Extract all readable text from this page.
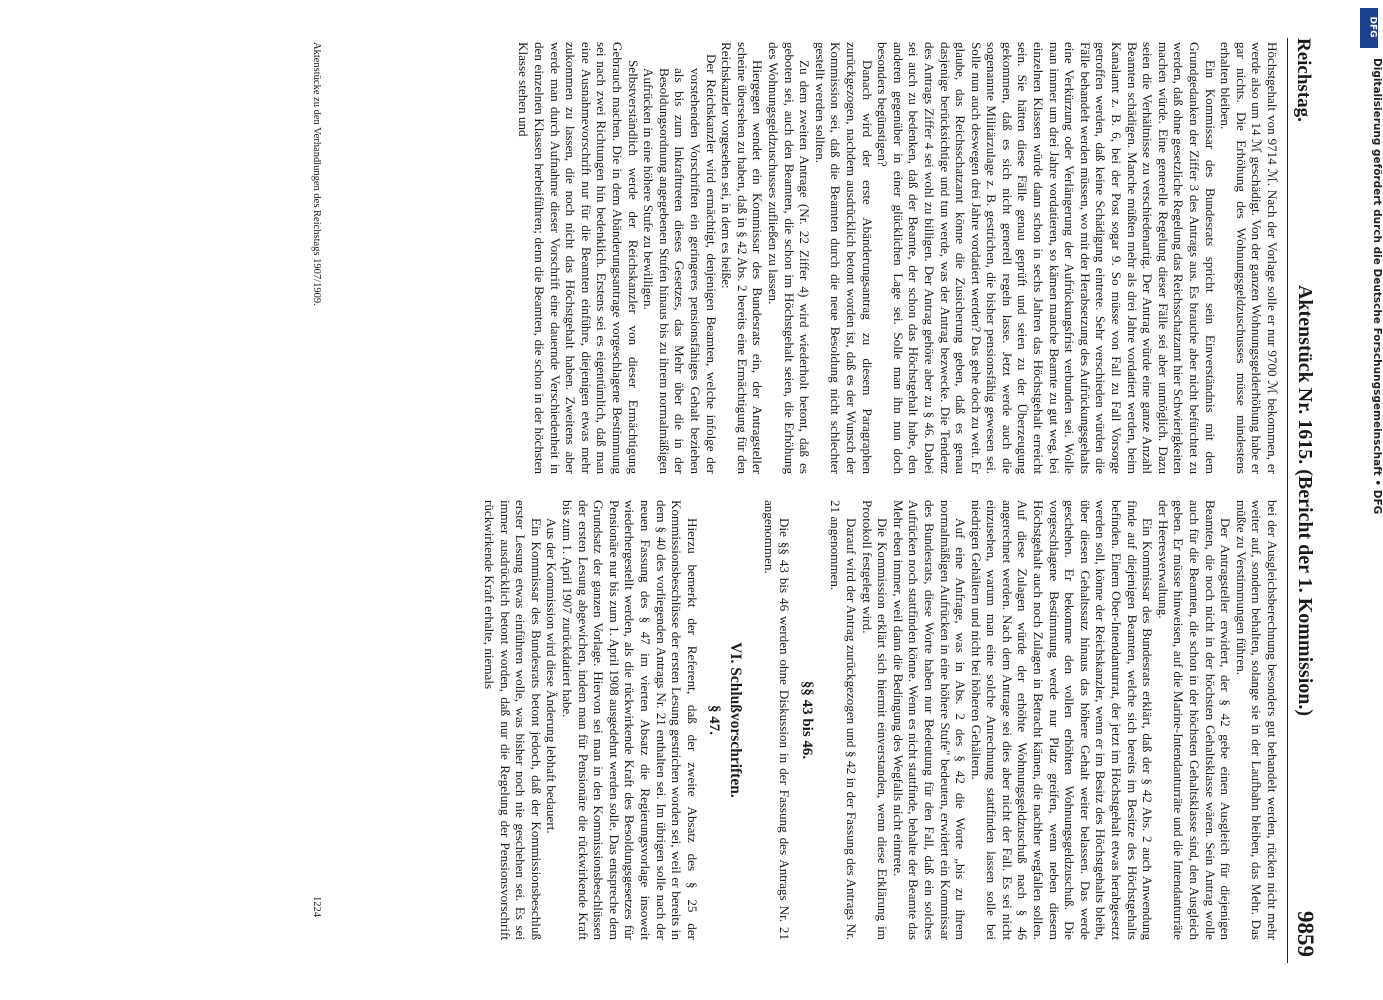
Reichstag.
Aktenstück Nr. 1615. (Bericht der 1. Kommission.)
9859

Höchstgehalt von 9714 ℳ. Nach der Vorlage solle er nur 9700 ℳ bekommen, er werde also um 14 ℳ geschädigt. Von der ganzen Wohnungsgelderhöhung habe er gar nichts. Die Erhöhung des Wohnungsgeldzuschusses müsse mindestens erhalten bleiben.

Ein Kommissar des Bundesrats spricht sein Einverständnis mit dem Grundgedanken der Ziffer 3 des Antrags aus. Es brauche aber nicht befürchtet zu werden, daß ohne gesetzliche Regelung das Reichsschatzamt hier Schwierigkeiten machen würde. Eine generelle Regelung dieser Fälle sei aber unmöglich. Dazu seien die Verhältnisse zu verschiedenartig. Der Antrag würde eine ganze Anzahl Beamten schädigen. Manche müßten mehr als drei Jahre vordatiert werden, beim Kanalamt z. B. 6, bei der Post sogar 9. So müsse von Fall zu Fall Vorsorge getroffen werden, daß keine Schädigung eintrete. Sehr verschieden würden die Fälle behandelt werden müssen, wo mit der Herabsetzung des Aufrückungsgehalts eine Verkürzung oder Verlängerung der Aufrückungsfrist verbunden sei. Wolle man immer um drei Jahre vordatieren, so kämen manche Beamte zu gut weg, bei einzelnen Klassen würde dann schon in sechs Jahren das Höchstgehalt erreicht sein. Sie hätten diese Fälle genau geprüft und seien zu der Überzeugung gekommen, daß es sich nicht generell regeln lasse. Jetzt werde auch die sogenannte Militärzulage z. B. gestrichen, die bisher pensionsfähig gewesen sei. Solle nun auch deswegen drei Jahre vordatiert werden? Das gehe doch zu weit. Er glaube, das Reichsschatzamt könne die Zusicherung geben, daß es genau dasjenige berücksichtige und tun werde, was der Antrag bezwecke. Die Tendenz des Antrags Ziffer 4 sei wohl zu billigen. Der Antrag gehöre aber zu § 46. Dabei sei auch zu bedenken, daß der Beamte, der schon das Höchstgehalt habe, den anderen gegenüber in einer glücklichen Lage sei. Solle man ihn nun doch besonders begünstigen?

Danach wird der erste Abänderungsantrag zu diesem Paragraphen zurückgezogen, nachdem ausdrücklich betont worden ist, daß es der Wunsch der Kommission sei, daß die Beamten durch die neue Besoldung nicht schlechter gestellt werden sollten.

Zu dem zweiten Antrage (Nr. 22 Ziffer 4) wird wiederholt betont, daß es geboten sei, auch den Beamten, die schon im Höchstgehalt seien, die Erhöhung des Wohnungsgeldzuschusses zufließen zu lassen.

Hiergegen wendet ein Kommissar des Bundesrats ein, der Antragsteller scheine übersehen zu haben, daß in § 42 Abs. 2 bereits eine Ermächtigung für den Reichskanzler vorgesehen sei, in dem es heiße:

Der Reichskanzler wird ermächtigt, denjenigen Beamten, welche infolge der vorstehenden Vorschriften ein geringeres pensionsfähiges Gehalt beziehen als bis zum Inkrafttreten dieses Gesetzes, das Mehr über die in der Besoldungsordnung angegebenen Stufen hinaus bis zu ihrem normalmäßigen Aufrücken in eine höhere Stufe zu bewilligen.

Selbstverständlich werde der Reichskanzler von dieser Ermächtigung Gebrauch machen. Die in dem Abänderungsantrage vorgeschlagene Bestimmung sei nach zwei Richtungen hin bedenklich. Erstens sei es eigentümlich, daß man eine Ausnahmevorschrift nur für die Beamten einführe, diejenigen etwas mehr zukommen zu lassen, die noch nicht das Höchstgehalt haben. Zweitens aber werde man durch Aufnahme dieser Vorschrift eine dauernde Verschiedenheit in den einzelnen Klassen herbeiführen; denn die Beamten, die schon in der höchsten Klasse stehen und

bei der Ausgleichsberechnung besonders gut behandelt werden, rücken nicht mehr weiter auf, sondern behalten, solange sie in der Laufbahn bleiben, das Mehr. Das müßte zu Verstimmungen führen.

Der Antragsteller erwidert, der § 42 gebe einen Ausgleich für diejenigen Beamten, die noch nicht in der höchsten Gehaltsklasse wären. Sein Antrag wolle auch für die Beamten, die schon in der höchsten Gehaltsklasse sind, den Ausgleich geben. Er müsse hinweisen, auf die Marine-Intendanturräte und die Intendanturräte der Heeresverwaltung.

Ein Kommissar des Bundesrats erklärt, daß der § 42 Abs. 2 auch Anwendung finde auf diejenigen Beamten, welche sich bereits im Besitze des Höchstgehalts befinden. Einem Ober-Intendanturrat, der jetzt im Höchstgehalt etwas herabgesetzt werden soll, könne der Reichskanzler, wenn er im Besitz des Höchstgehalts bleibt, über diesen Gehaltssatz hinaus das höhere Gehalt weiter belassen. Das werde geschehen. Er bekomme den vollen erhöhten Wohnungsgeldzuschuß. Die vorgeschlagene Bestimmung werde nur Platz greifen, wenn neben diesem Höchstgehalt auch noch Zulagen in Betracht kämen, die nachher wegfallen sollen. Auf diese Zulagen würde der erhöhte Wohnungsgeldzuschuß nach § 46 angerechnet werden. Nach dem Antrage sei dies aber nicht der Fall. Es sei nicht einzusehen, warum man eine solche Anrechnung stattfinden lassen solle bei niedrigen Gehältern und nicht bei höheren Gehältern.

Auf eine Anfrage, was in Abs. 2 des § 42 die Worte „bis zu ihrem normalmäßigen Aufrücken in eine höhere Stufe" bedeuten, erwidert ein Kommissar des Bundesrats, diese Worte haben nur Bedeutung für den Fall, daß ein solches Aufrücken noch stattfinden könne. Wenn es nicht stattfinde, behalte der Beamte das Mehr eben immer, weil dann die Bedingung des Wegfalls nicht eintrete.

Die Kommission erklärt sich hiermit einverstanden, wenn diese Erklärung im Protokoll festgelegt wird.

Darauf wird der Antrag zurückgezogen und § 42 in der Fassung des Antrags Nr. 21 angenommen.

§§ 43 bis 46.

Die §§ 43 bis 46 werden ohne Diskussion in der Fassung des Antrags Nr. 21 angenommen.

VI. Schlußvorschriften.
§ 47.

Hierzu bemerkt der Referent, daß der zweite Absatz des § 25 der Kommissionsbeschlüsse der ersten Lesung gestrichen worden sei, weil er bereits in dem § 40 des vorliegenden Antrags Nr. 21 enthalten sei. Im übrigen solle nach der neuen Fassung des § 47 im vierten Absatz die Regierungsvorlage insoweit wiederhergestellt werden, als die rückwirkende Kraft des Besoldungsgesetzes für Pensionäre nur bis zum 1. April 1908 ausgedehnt werden solle. Das entspreche dem Grundsatz der ganzen Vorlage. Hiervon sei man in den Kommissionsbeschlüssen der ersten Lesung abgewichen, indem man für Pensionäre die rückwirkende Kraft bis zum 1. April 1907 zurückdatiert habe.

Aus der Kommission wird diese Änderung lebhaft bedauert.

Ein Kommissar des Bundesrats betont jedoch, daß der Kommissionsbeschluß erster Lesung etwas einführen wolle, was bisher noch nie geschehen sei. Es sei immer ausdrücklich betont worden, daß nur die Regelung der Pensionsvorschrift rückwirkende Kraft erhalte, niemals

Aktenstücke zu den Verhandlungen des Reichstags 1907/1909.
1224
DFG
Digitalisierung gefördert durch die Deutsche Forschungsgemeinschaft • DFG
